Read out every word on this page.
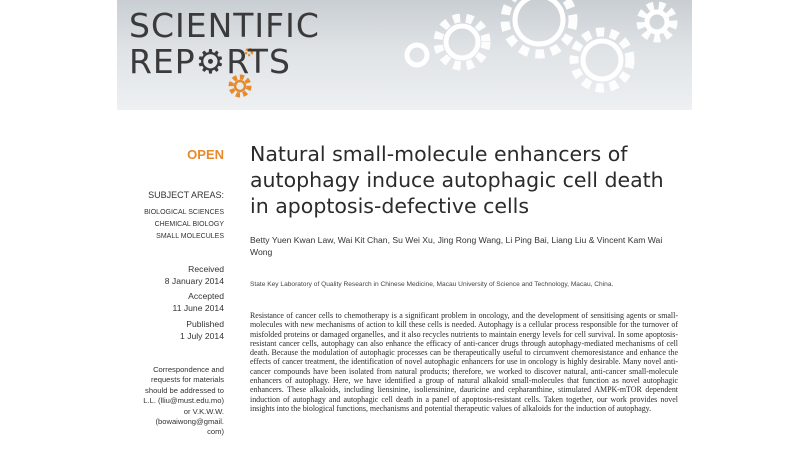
SCIENTIFIC
REP⚙RTS
OPEN
SUBJECT AREAS:
BIOLOGICAL SCIENCES
CHEMICAL BIOLOGY
SMALL MOLECULES
Received
8 January 2014
Accepted
11 June 2014
Published
1 July 2014
Correspondence and
requests for materials
should be addressed to
L.L. (lliu@must.edu.mo)
or V.K.W.W.
(bowaiwong@gmail.
com)
Natural small-molecule enhancers of autophagy induce autophagic cell death in apoptosis-defective cells
Betty Yuen Kwan Law, Wai Kit Chan, Su Wei Xu, Jing Rong Wang, Li Ping Bai, Liang Liu & Vincent Kam Wai Wong
State Key Laboratory of Quality Research in Chinese Medicine, Macau University of Science and Technology, Macau, China.
Resistance of cancer cells to chemotherapy is a significant problem in oncology, and the development of sensitising agents or small-molecules with new mechanisms of action to kill these cells is needed. Autophagy is a cellular process responsible for the turnover of misfolded proteins or damaged organelles, and it also recycles nutrients to maintain energy levels for cell survival. In some apoptosis-resistant cancer cells, autophagy can also enhance the efficacy of anti-cancer drugs through autophagy-mediated mechanisms of cell death. Because the modulation of autophagic processes can be therapeutically useful to circumvent chemoresistance and enhance the effects of cancer treatment, the identification of novel autophagic enhancers for use in oncology is highly desirable. Many novel anti-cancer compounds have been isolated from natural products; therefore, we worked to discover natural, anti-cancer small-molecule enhancers of autophagy. Here, we have identified a group of natural alkaloid small-molecules that function as novel autophagic enhancers. These alkaloids, including liensinine, isoliensinine, dauricine and cepharanthine, stimulated AMPK-mTOR dependent induction of autophagy and autophagic cell death in a panel of apoptosis-resistant cells. Taken together, our work provides novel insights into the biological functions, mechanisms and potential therapeutic values of alkaloids for the induction of autophagy.
